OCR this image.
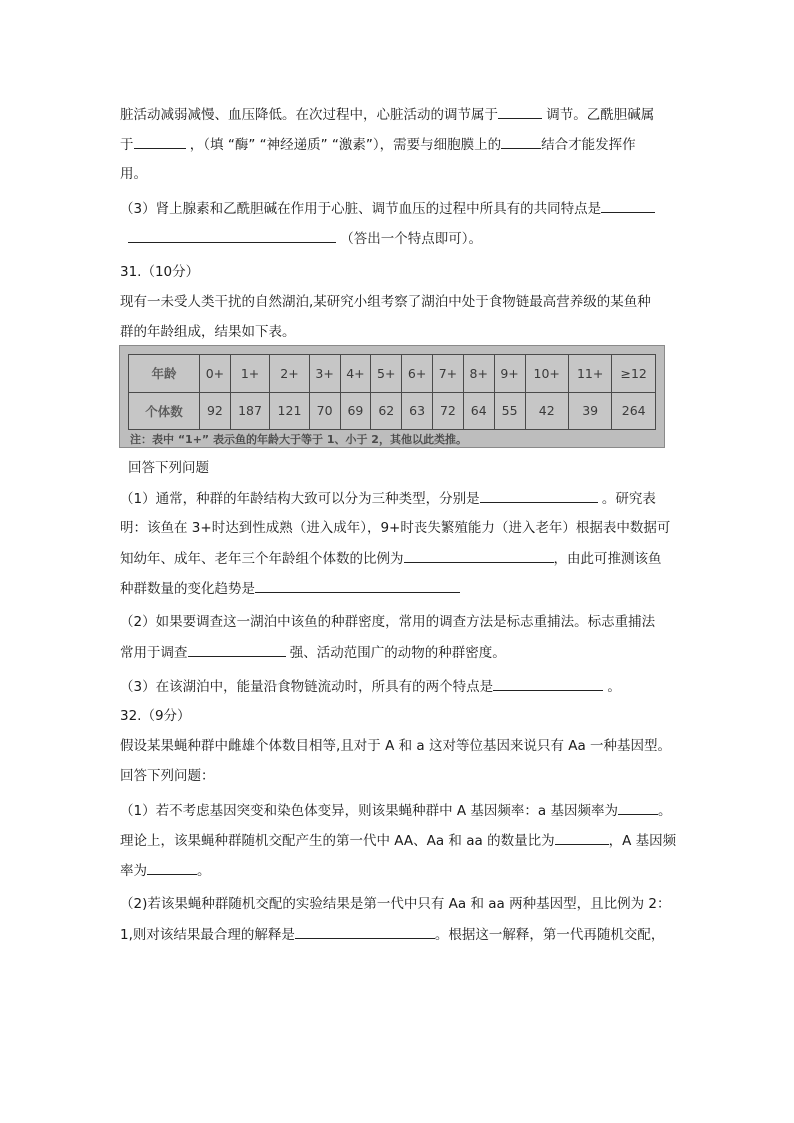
脏活动减弱减慢、血压降低。在次过程中，心脏活动的调节属于	调节。乙酰胆碱属
于	，（填 “酶” “神经递质” “激素”），需要与细胞膜上的	结合才能发挥作
用。
（3）肾上腺素和乙酰胆碱在作用于心脏、调节血压的过程中所具有的共同特点是
（答出一个特点即可）。
31.（10分）
现有一未受人类干扰的自然湖泊,某研究小组考察了湖泊中处于食物链最高营养级的某鱼种
群的年龄组成，结果如下表。
年龄	0+	1+	2+	3+	4+	5+	6+	7+	8+	9+	10+	11+	≥12
个体数	92	187	121	70	69	62	63	72	64	55	42	39	264
注：表中 “1+” 表示鱼的年龄大于等于 1、小于 2，其他以此类推。
回答下列问题
（1）通常，种群的年龄结构大致可以分为三种类型，分别是	。研究表
明：该鱼在 3+时达到性成熟（进入成年），9+时丧失繁殖能力（进入老年）根据表中数据可
知幼年、成年、老年三个年龄组个体数的比例为	，由此可推测该鱼
种群数量的变化趋势是
（2）如果要调查这一湖泊中该鱼的种群密度，常用的调查方法是标志重捕法。标志重捕法
常用于调查	强、活动范围广的动物的种群密度。
（3）在该湖泊中，能量沿食物链流动时，所具有的两个特点是	。
32.（9分）
假设某果蝇种群中雌雄个体数目相等,且对于 A 和 a 这对等位基因来说只有 Aa 一种基因型。
回答下列问题：
（1）若不考虑基因突变和染色体变异，则该果蝇种群中 A 基因频率：a 基因频率为	。
理论上，该果蝇种群随机交配产生的第一代中 AA、Aa 和 aa 的数量比为	，A 基因频
率为	。
（2)若该果蝇种群随机交配的实验结果是第一代中只有 Aa 和 aa 两种基因型，且比例为 2：
1,则对该结果最合理的解释是	。根据这一解释，第一代再随机交配，
